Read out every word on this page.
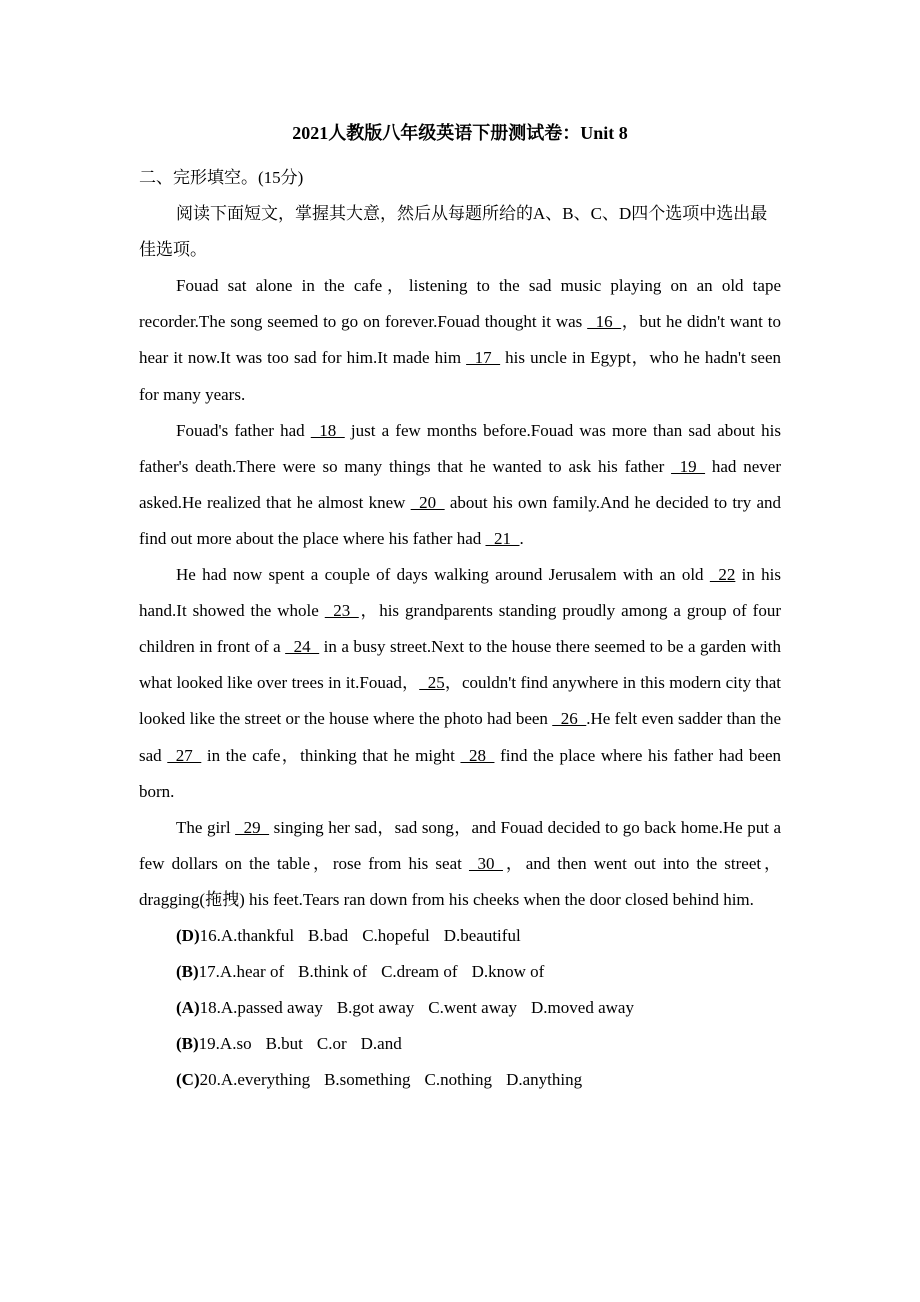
2021人教版八年级英语下册测试卷：Unit 8

二、完形填空。(15分)

阅读下面短文，掌握其大意，然后从每题所给的A、B、C、D四个选项中选出最佳选项。

Fouad sat alone in the cafe，listening to the sad music playing on an old tape recorder.The song seemed to go on forever.Fouad thought it was   16  ，but he didn't want to hear it now.It was too sad for him.It made him   17   his uncle in Egypt，who he hadn't seen for many years.

Fouad's father had   18   just a few months before.Fouad was more than sad about his father's death.There were so many things that he wanted to ask his father   19   had never asked.He realized that he almost knew   20   about his own family.And he decided to try and find out more about the place where his father had   21  .

He had now spent a couple of days walking around Jerusalem with an old   22 in his hand.It showed the whole   23  ，his grandparents standing proudly among a group of four children in front of a   24   in a busy street.Next to the house there seemed to be a garden with what looked like over trees in it.Fouad，  25，couldn't find anywhere in this modern city that looked like the street or the house where the photo had been   26  .He felt even sadder than the sad   27   in the cafe，thinking that he might   28   find the place where his father had been born.

The girl   29   singing her sad，sad song，and Fouad decided to go back home.He put a few dollars on the table，rose from his seat   30  ，and then went out into the street，dragging(拖拽) his feet.Tears ran down from his cheeks when the door closed behind him.

(D)16.A.thankful B.bad C.hopeful D.beautiful
(B)17.A.hear of B.think of C.dream of D.know of
(A)18.A.passed away B.got away C.went away D.moved away
(B)19.A.so B.but C.or D.and
(C)20.A.everything B.something C.nothing D.anything
